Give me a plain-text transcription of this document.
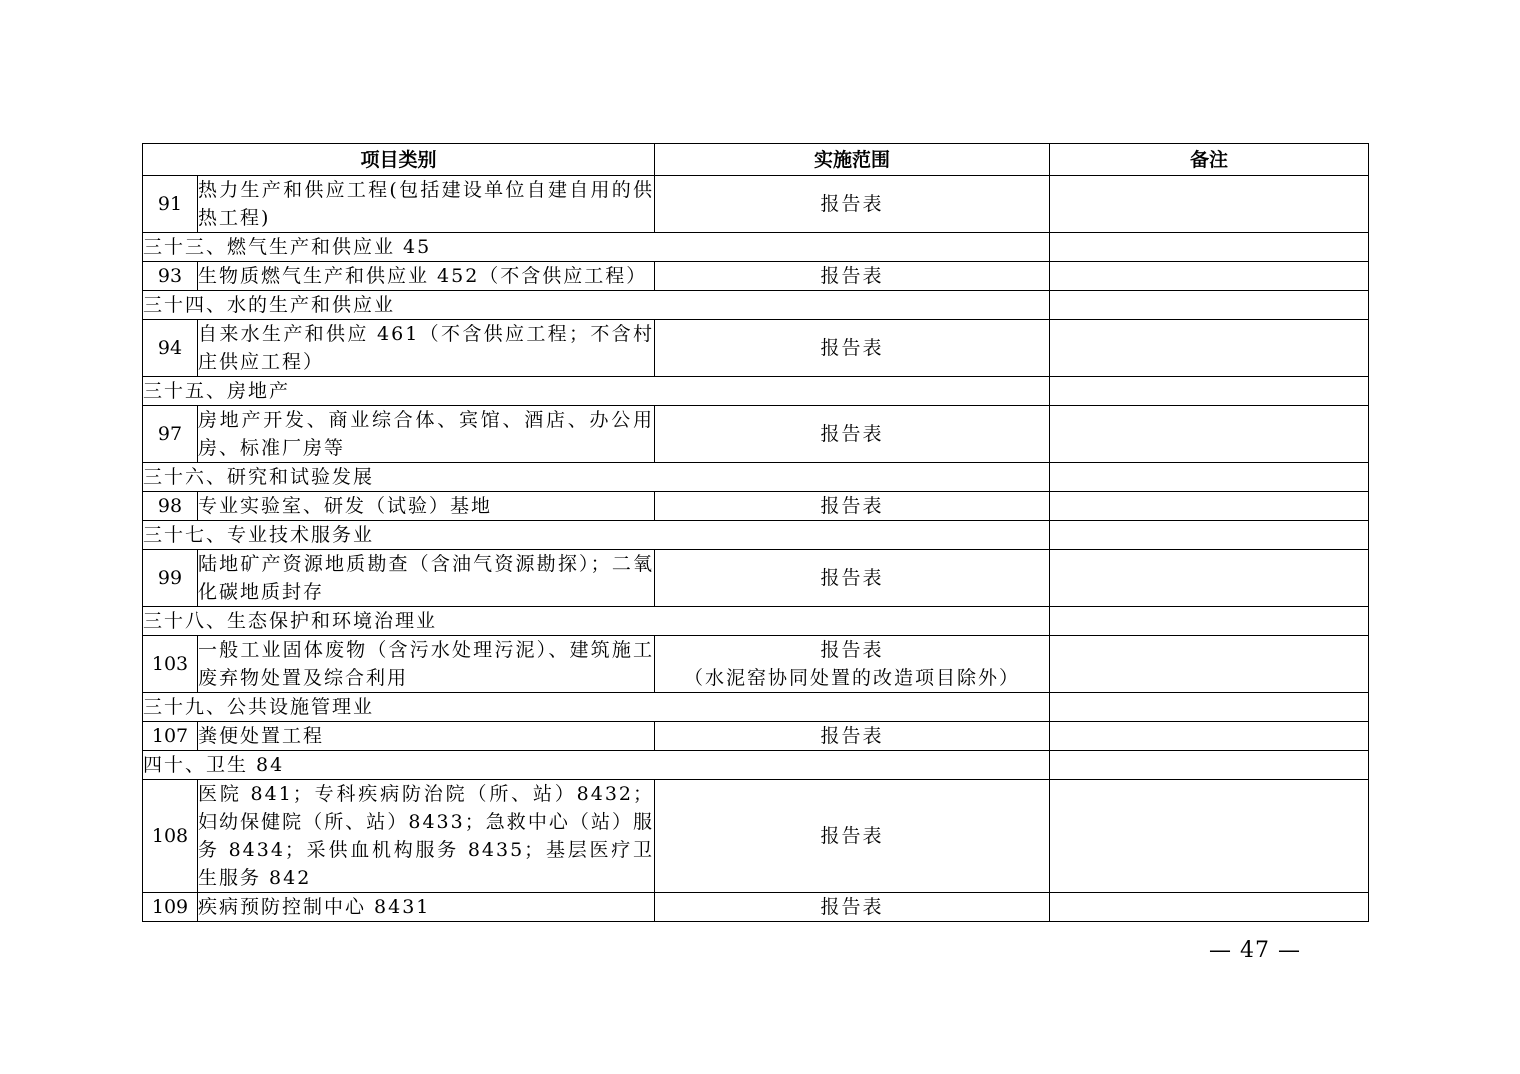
项目类别		实施范围	备注
91	热力生产和供应工程(包括建设单位自建自用的供热工程)	报告表	

三十三、燃气生产和供应业 45			
93	生物质燃气生产和供应业 452（不含供应工程）	报告表	

三十四、水的生产和供应业			
94	自来水生产和供应 461（不含供应工程；不含村庄供应工程）	报告表	

三十五、房地产			
97	房地产开发、商业综合体、宾馆、酒店、办公用房、标准厂房等	报告表	

三十六、研究和试验发展			
98	专业实验室、研发（试验）基地	报告表	

三十七、专业技术服务业			
99	陆地矿产资源地质勘查（含油气资源勘探）；二氧化碳地质封存	报告表	

三十八、生态保护和环境治理业			
103	一般工业固体废物（含污水处理污泥）、建筑施工废弃物处置及综合利用	报告表
（水泥窑协同处置的改造项目除外）	

三十九、公共设施管理业			
107	粪便处置工程	报告表	

四十、卫生 84			
108	医院 841；专科疾病防治院（所、站）8432；妇幼保健院（所、站）8433；急救中心（站）服务 8434；采供血机构服务 8435；基层医疗卫生服务 842	报告表	

109	疾病预防控制中心 8431	报告表	

— 47 —
